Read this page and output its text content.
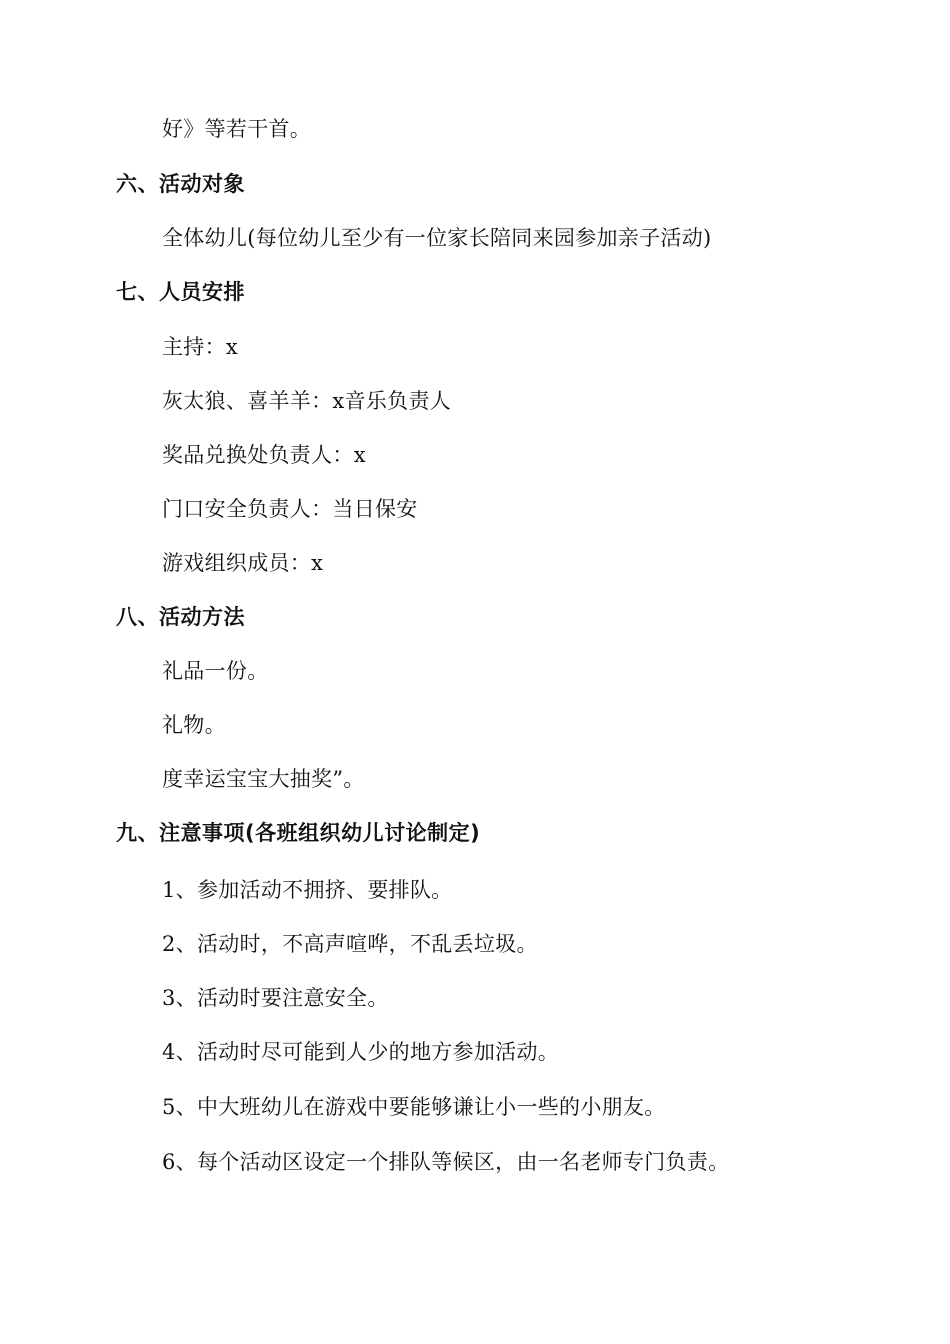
好》等若干首。
六、活动对象
全体幼儿(每位幼儿至少有一位家长陪同来园参加亲子活动)
七、人员安排
主持：x
灰太狼、喜羊羊：x音乐负责人
奖品兑换处负责人：x
门口安全负责人：当日保安
游戏组织成员：x
八、活动方法
礼品一份。
礼物。
度幸运宝宝大抽奖”。
九、注意事项(各班组织幼儿讨论制定)
1、参加活动不拥挤、要排队。
2、活动时，不高声喧哗，不乱丢垃圾。
3、活动时要注意安全。
4、活动时尽可能到人少的地方参加活动。
5、中大班幼儿在游戏中要能够谦让小一些的小朋友。
6、每个活动区设定一个排队等候区，由一名老师专门负责。
